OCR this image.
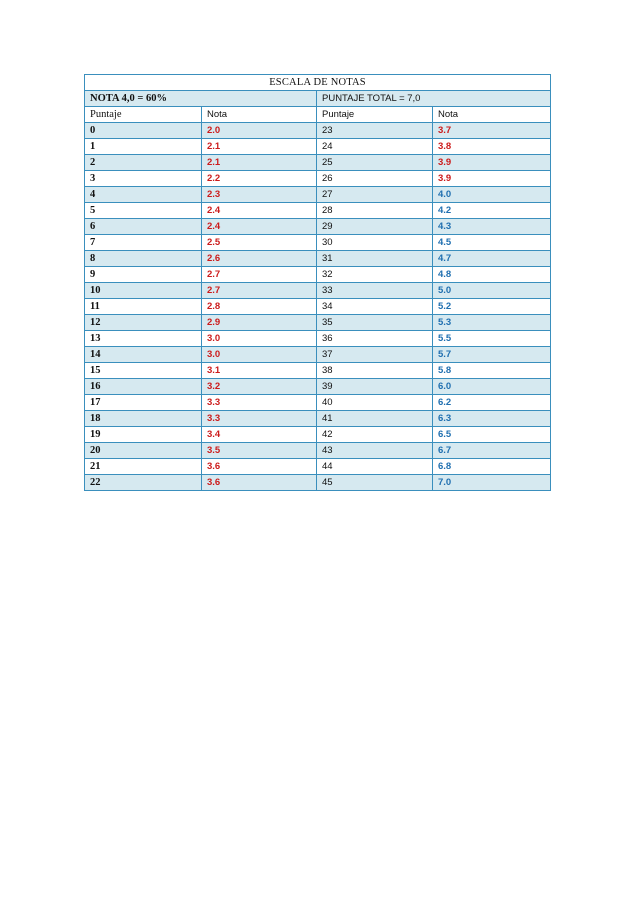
ESCALA DE NOTAS			
NOTA 4,0 = 60%		PUNTAJE TOTAL = 7,0	
Puntaje	Nota	Puntaje	Nota
0	2.0	23	3.7
1	2.1	24	3.8
2	2.1	25	3.9
3	2.2	26	3.9
4	2.3	27	4.0
5	2.4	28	4.2
6	2.4	29	4.3
7	2.5	30	4.5
8	2.6	31	4.7
9	2.7	32	4.8
10	2.7	33	5.0
11	2.8	34	5.2
12	2.9	35	5.3
13	3.0	36	5.5
14	3.0	37	5.7
15	3.1	38	5.8
16	3.2	39	6.0
17	3.3	40	6.2
18	3.3	41	6.3
19	3.4	42	6.5
20	3.5	43	6.7
21	3.6	44	6.8
22	3.6	45	7.0
